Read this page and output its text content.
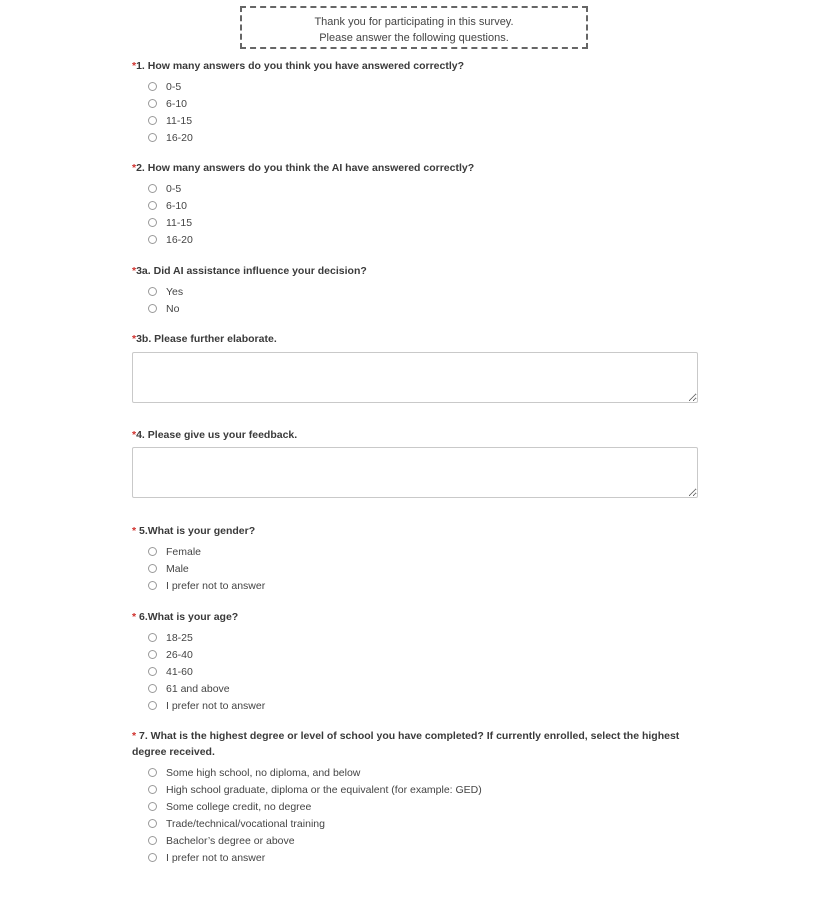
Thank you for participating in this survey.
Please answer the following questions.
*1. How many answers do you think you have answered correctly?
0-5
6-10
11-15
16-20
*2. How many answers do you think the AI have answered correctly?
0-5
6-10
11-15
16-20
*3a. Did AI assistance influence your decision?
Yes
No
*3b. Please further elaborate.
*4. Please give us your feedback.
* 5.What is your gender?
Female
Male
I prefer not to answer
* 6.What is your age?
18-25
26-40
41-60
61 and above
I prefer not to answer
* 7. What is the highest degree or level of school you have completed? If currently enrolled, select the highest degree received.
Some high school, no diploma, and below
High school graduate, diploma or the equivalent (for example: GED)
Some college credit, no degree
Trade/technical/vocational training
Bachelor’s degree or above
I prefer not to answer
